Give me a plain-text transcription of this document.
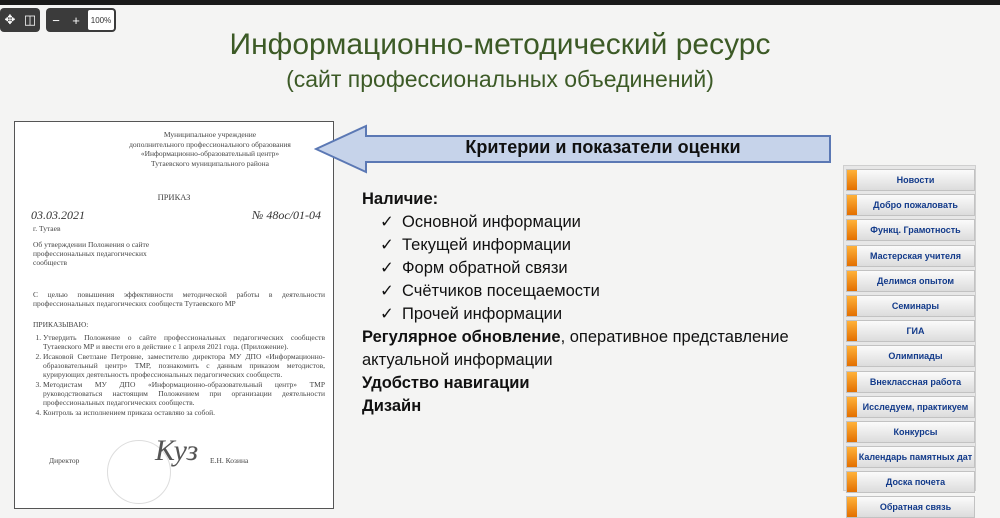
✥ ◫	− +	100%
Информационно-методический ресурс
(сайт профессиональных объединений)
Муниципальное учреждение
дополнительного профессионального образования
«Информационно-образовательный центр»
Тутаевского муниципального района
ПРИКАЗ
03.03.2021	№ 48ос/01-04
г. Тутаев
Об утверждении Положения о сайте профессиональных педагогических сообществ
С целью повышения эффективности методической работы в деятельности профессиональных педагогических сообществ Тутаевского МР
ПРИКАЗЫВАЮ:
1. Утвердить Положение о сайте профессиональных педагогических сообществ Тутаевского МР и ввести его в действие с 1 апреля 2021 года. (Приложение).
2. Исаковой Светлане Петровне, заместителю директора МУ ДПО «Информационно-образовательный центр» ТМР, познакомить с данным приказом методистов, курирующих деятельность профессиональных педагогических сообществ.
3. Методистам МУ ДПО «Информационно-образовательный центр» ТМР руководствоваться настоящим Положением при организации деятельности профессиональных педагогических сообществ.
4. Контроль за исполнением приказа оставляю за собой.
Директор	Куз Е.Н. Козина
Критерии и показатели оценки
Наличие:
✓ Основной информации
✓ Текущей информации
✓ Форм обратной связи
✓ Счётчиков посещаемости
✓ Прочей информации
Регулярное обновление, оперативное представление
актуальной информации
Удобство навигации
Дизайн
Новости
Добро пожаловать
Функц. Грамотность
Мастерская учителя
Делимся опытом
Семинары
ГИА
Олимпиады
Внеклассная работа
Исследуем, практикуем
Конкурсы
Календарь памятных дат
Доска почета
Обратная связь
